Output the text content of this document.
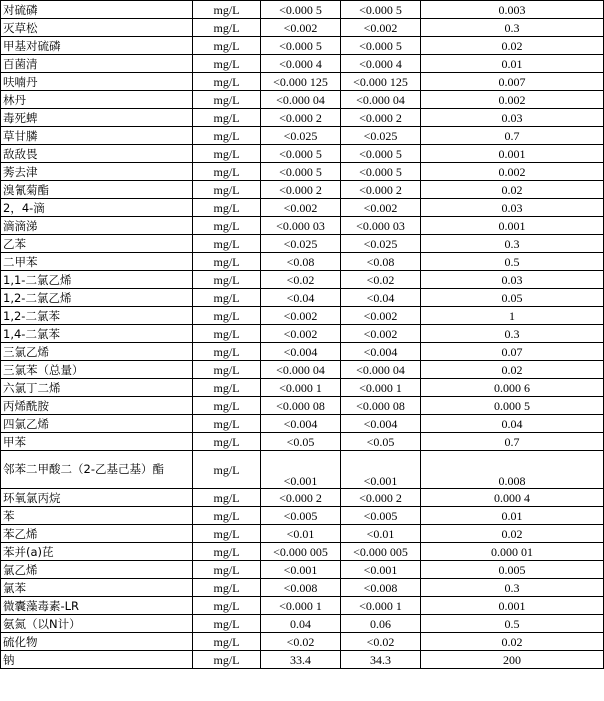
对硫磷	mg/L	<0.000 5	<0.000 5	0.003
灭草松	mg/L	<0.002	<0.002	0.3
甲基对硫磷	mg/L	<0.000 5	<0.000 5	0.02
百菌清	mg/L	<0.000 4	<0.000 4	0.01
呋喃丹	mg/L	<0.000 125	<0.000 125	0.007
林丹	mg/L	<0.000 04	<0.000 04	0.002
毒死蜱	mg/L	<0.000 2	<0.000 2	0.03
草甘膦	mg/L	<0.025	<0.025	0.7
敌敌畏	mg/L	<0.000 5	<0.000 5	0.001
莠去津	mg/L	<0.000 5	<0.000 5	0.002
溴氰菊酯	mg/L	<0.000 2	<0.000 2	0.02
2，4-滴	mg/L	<0.002	<0.002	0.03
滴滴涕	mg/L	<0.000 03	<0.000 03	0.001
乙苯	mg/L	<0.025	<0.025	0.3
二甲苯	mg/L	<0.08	<0.08	0.5
1,1-二氯乙烯	mg/L	<0.02	<0.02	0.03
1,2-二氯乙烯	mg/L	<0.04	<0.04	0.05
1,2-二氯苯	mg/L	<0.002	<0.002	1
1,4-二氯苯	mg/L	<0.002	<0.002	0.3
三氯乙烯	mg/L	<0.004	<0.004	0.07
三氯苯（总量）	mg/L	<0.000 04	<0.000 04	0.02
六氯丁二烯	mg/L	<0.000 1	<0.000 1	0.000 6
丙烯酰胺	mg/L	<0.000 08	<0.000 08	0.000 5
四氯乙烯	mg/L	<0.004	<0.004	0.04
甲苯	mg/L	<0.05	<0.05	0.7
邻苯二甲酸二（2-乙基己基）酯	mg/L	<0.001	<0.001	0.008
环氧氯丙烷	mg/L	<0.000 2	<0.000 2	0.000 4
苯	mg/L	<0.005	<0.005	0.01
苯乙烯	mg/L	<0.01	<0.01	0.02
苯并(a)芘	mg/L	<0.000 005	<0.000 005	0.000 01
氯乙烯	mg/L	<0.001	<0.001	0.005
氯苯	mg/L	<0.008	<0.008	0.3
微囊藻毒素-LR	mg/L	<0.000 1	<0.000 1	0.001
氨氮（以N计）	mg/L	0.04	0.06	0.5
硫化物	mg/L	<0.02	<0.02	0.02
钠	mg/L	33.4	34.3	200
